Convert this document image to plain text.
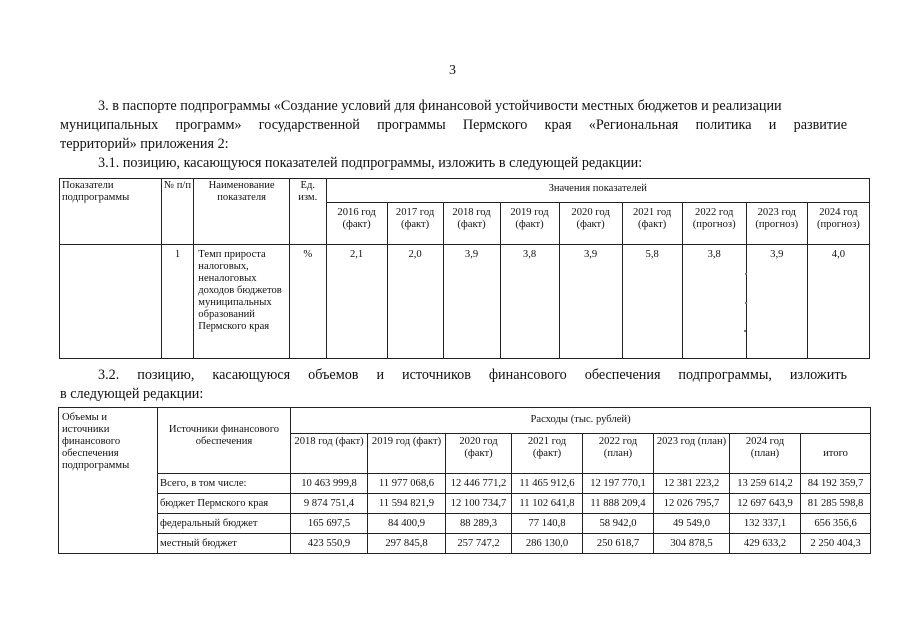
3
3. в паспорте подпрограммы «Создание условий для финансовой устойчивости местных бюджетов и реализации
муниципальных программ» государственной программы Пермского края «Региональная политика и развитие
территорий» приложения 2:
3.1. позицию, касающуюся показателей подпрограммы, изложить в следующей редакции:
Показатели подпрограммы	№ п/п	Наименование показателя	Ед. изм.	Значения показателей								
				2016 год (факт)	2017 год (факт)	2018 год (факт)	2019 год (факт)	2020 год (факт)	2021 год (факт)	2022 год (прогноз)	2023 год (прогноз)	2024 год (прогноз)
	1	Темп прироста налоговых, неналоговых доходов бюджетов муниципальных образований Пермского края	%	2,1	2,0	3,9	3,8	3,9	5,8	3,8	3,9	4,0
3.2. позицию, касающуюся объемов и источников финансового обеспечения подпрограммы, изложить
в следующей редакции:
Объемы и источники финансового обеспечения подпрограммы	Источники финансового обеспечения	Расходы (тыс. рублей)							
		2018 год (факт)	2019 год (факт)	2020 год (факт)	2021 год (факт)	2022 год (план)	2023 год (план)	2024 год (план)	итого
	Всего, в том числе:	10 463 999,8	11 977 068,6	12 446 771,2	11 465 912,6	12 197 770,1	12 381 223,2	13 259 614,2	84 192 359,7
	бюджет Пермского края	9 874 751,4	11 594 821,9	12 100 734,7	11 102 641,8	11 888 209,4	12 026 795,7	12 697 643,9	81 285 598,8
	федеральный бюджет	165 697,5	84 400,9	88 289,3	77 140,8	58 942,0	49 549,0	132 337,1	656 356,6
	местный бюджет	423 550,9	297 845,8	257 747,2	286 130,0	250 618,7	304 878,5	429 633,2	2 250 404,3
